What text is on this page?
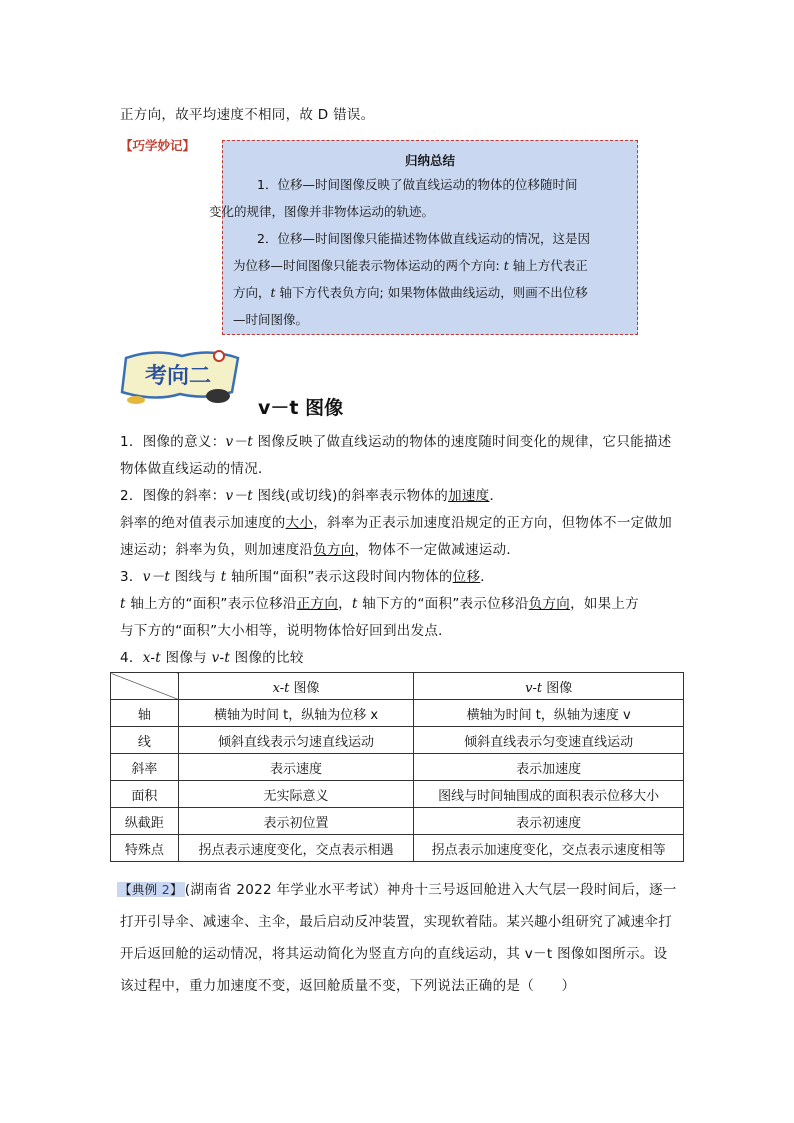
正方向，故平均速度不相同，故 D 错误。
【巧学妙记】
归纳总结
1．位移—时间图像反映了做直线运动的物体的位移随时间
变化的规律，图像并非物体运动的轨迹。
2．位移—时间图像只能描述物体做直线运动的情况，这是因
为位移—时间图像只能表示物体运动的两个方向: t 轴上方代表正
方向，t 轴下方代表负方向; 如果物体做曲线运动，则画不出位移
—时间图像。
考向二
v－t 图像
1．图像的意义：v－t 图像反映了做直线运动的物体的速度随时间变化的规律，它只能描述
物体做直线运动的情况．
2．图像的斜率：v－t 图线(或切线)的斜率表示物体的加速度．
斜率的绝对值表示加速度的大小，斜率为正表示加速度沿规定的正方向，但物体不一定做加
速运动；斜率为负，则加速度沿负方向，物体不一定做减速运动．
3．v－t 图线与 t 轴所围“面积”表示这段时间内物体的位移．
t 轴上方的“面积”表示位移沿正方向，t 轴下方的“面积”表示位移沿负方向，如果上方
与下方的“面积”大小相等，说明物体恰好回到出发点．
4．x-t 图像与 v-t 图像的比较
	x-t 图像	v-t 图像
轴	横轴为时间 t，纵轴为位移 x	横轴为时间 t，纵轴为速度 v
线	倾斜直线表示匀速直线运动	倾斜直线表示匀变速直线运动
斜率	表示速度	表示加速度
面积	无实际意义	图线与时间轴围成的面积表示位移大小
纵截距	表示初位置	表示初速度
特殊点	拐点表示速度变化，交点表示相遇	拐点表示加速度变化，交点表示速度相等
【典例 2】 (湖南省 2022 年学业水平考试）神舟十三号返回舱进入大气层一段时间后，逐一
打开引导伞、减速伞、主伞，最后启动反冲装置，实现软着陆。某兴趣小组研究了减速伞打
开后返回舱的运动情况，将其运动简化为竖直方向的直线运动，其 v－t 图像如图所示。设
该过程中，重力加速度不变，返回舱质量不变，下列说法正确的是（　　）
